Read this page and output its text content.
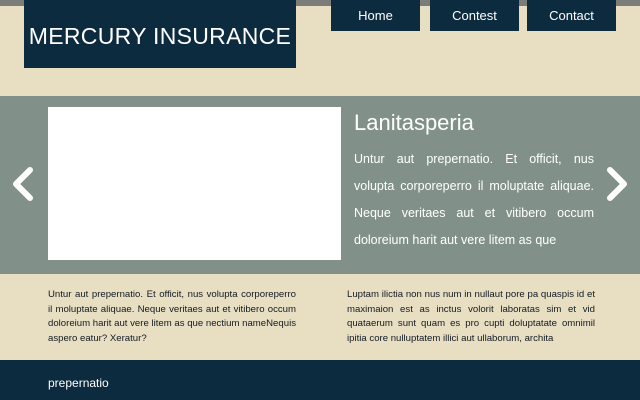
MERCURY INSURANCE
Home	Contest	Contact
Lanitasperia
Untur aut prepernatio. Et officit, nus volupta corporeperro il moluptate aliquae. Neque veritaes aut et vitibero occum doloreium harit aut vere litem as que
Untur aut prepernatio. Et officit, nus volupta corporeperro il moluptate aliquae. Neque veritaes aut et vitibero occum doloreium harit aut vere litem as que nectium nameNequis aspero eatur? Xeratur?
Luptam ilictia non nus num in nullaut pore pa quaspis id et maximaion est as inctus volorit laboratas sim et vid quataerum sunt quam es pro cupti doluptatate omnimil ipitia core nulluptatem illici aut ullaborum, archita
prepernatio
